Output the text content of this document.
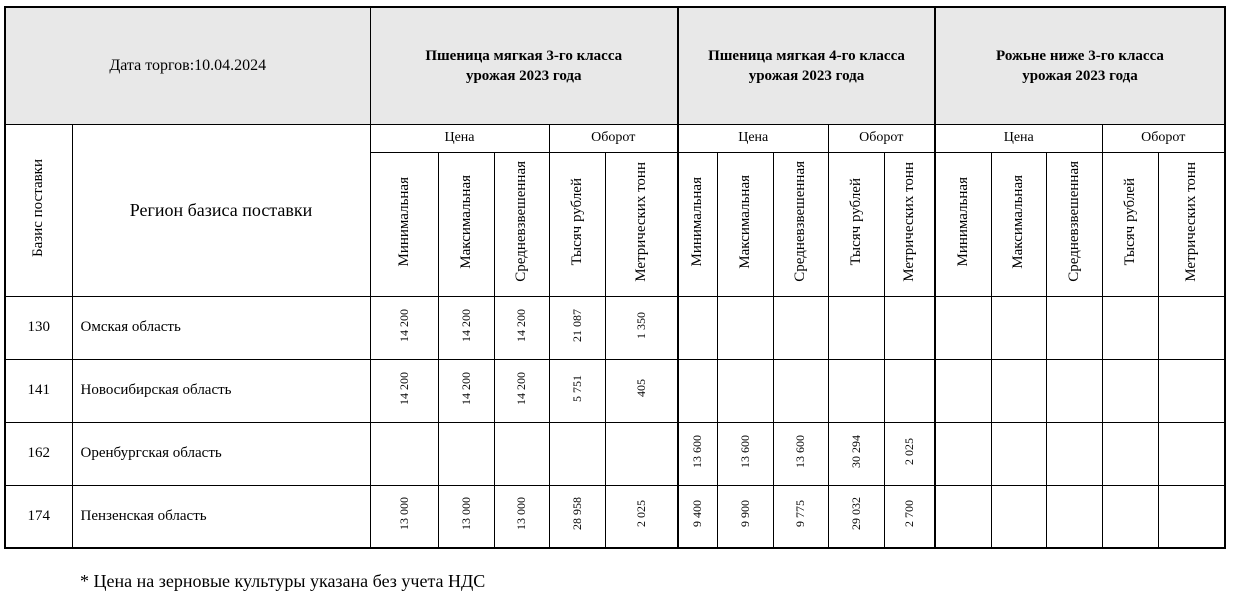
Дата торгов:10.04.2024		Пшеница мягкая 3-го класса
урожая 2023 года					Пшеница мягкая 4-го класса
урожая 2023 года					Рожьне ниже 3-го класса
урожая 2023 года				
Базис поставки	Регион базиса поставки	Цена			Оборот		Цена			Оборот		Цена			Оборот	
		Минимальная	Максимальная	Средневзвешенная	Тысяч рублей	Метрических тонн	Минимальная	Максимальная	Средневзвешенная	Тысяч рублей	Метрических тонн	Минимальная	Максимальная	Средневзвешенная	Тысяч рублей	Метрических тонн
130	Омская область	14 200	14 200	14 200	21 087	1 350										
141	Новосибирская область	14 200	14 200	14 200	5 751	405										
162	Оренбургская область						13 600	13 600	13 600	30 294	2 025					
174	Пензенская область	13 000	13 000	13 000	28 958	2 025	9 400	9 900	9 775	29 032	2 700					
* Цена на зерновые культуры указана без учета НДС
